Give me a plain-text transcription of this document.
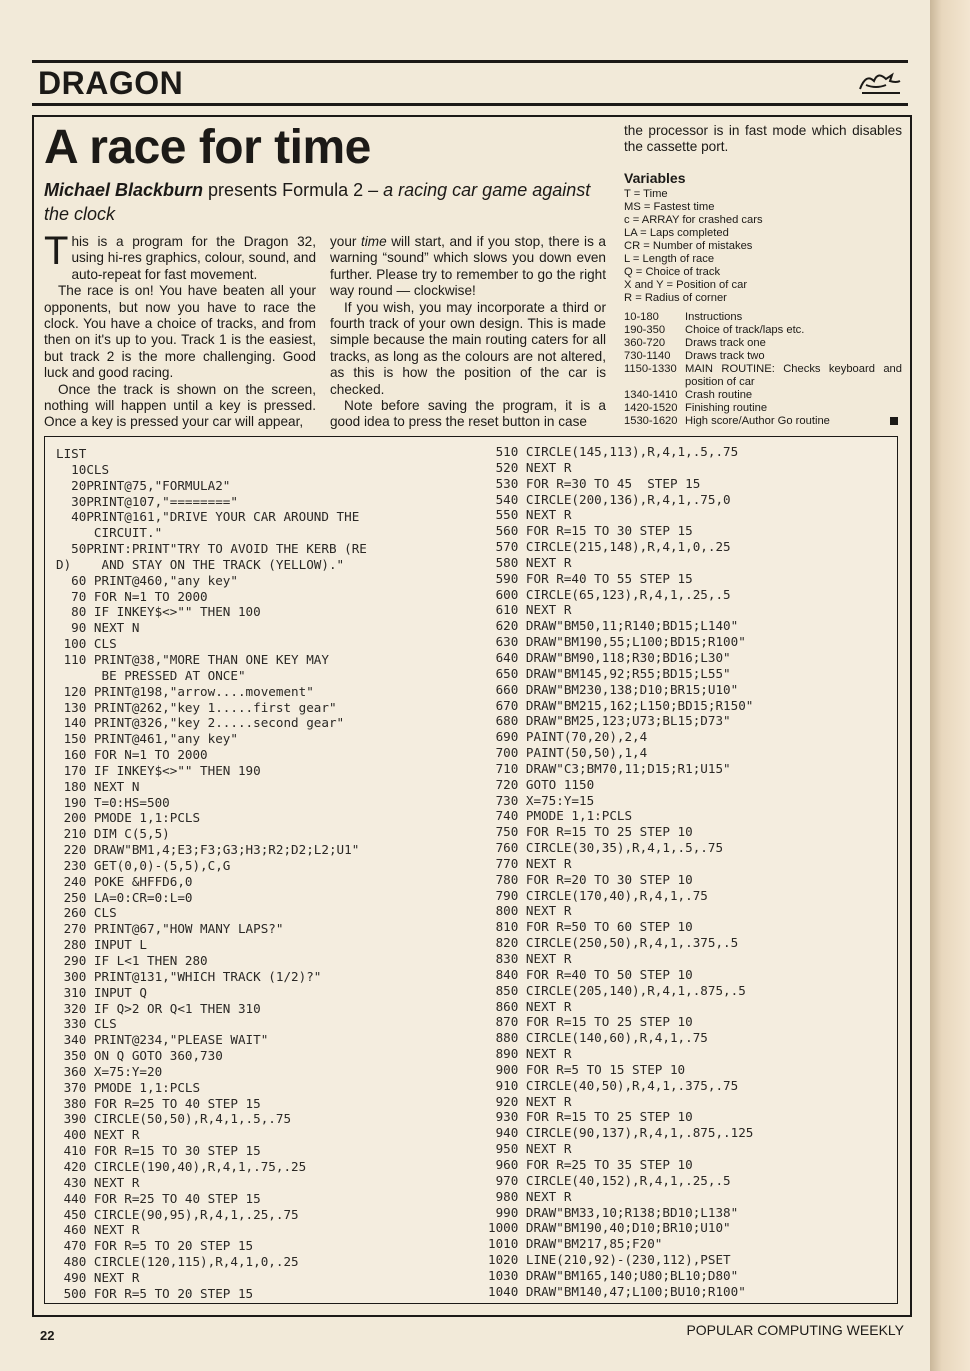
DRAGON
A race for time
Michael Blackburn presents Formula 2 – a racing car game against the clock

This is a program for the Dragon 32, using hi-res graphics, colour, sound, and auto-repeat for fast movement.

The race is on! You have beaten all your opponents, but now you have to race the clock. You have a choice of tracks, and from then on it's up to you. Track 1 is the easiest, but track 2 is the more challenging. Good luck and good racing.

Once the track is shown on the screen, nothing will happen until a key is pressed. Once a key is pressed your car will appear,

your time will start, and if you stop, there is a warning “sound” which slows you down even further. Please try to remember to go the right way round — clockwise!

If you wish, you may incorporate a third or fourth track of your own design. This is made simple because the main routing caters for all tracks, as long as the colours are not altered, as this is how the position of the car is checked.

Note before saving the program, it is a good idea to press the reset button in case

the processor is in fast mode which disables the cassette port.

Variables
T = Time
MS = Fastest time
c = ARRAY for crashed cars
LA = Laps completed
CR = Number of mistakes
L = Length of race
Q = Choice of track
X and Y = Position of car
R = Radius of corner
10-180	Instructions
190-350	Choice of track/laps etc.
360-720	Draws track one
730-1140	Draws track two
1150-1330 MAIN ROUTINE: Checks keyboard and position of car
1340-1410 Crash routine
1420-1520 Finishing routine
1530-1620 High score/Author Go routine
LIST
10CLS
20PRINT@75,"FORMULA2"
30PRINT@107,"========"
40PRINT@161,"DRIVE YOUR CAR AROUND THE
CIRCUIT."
50PRINT:PRINT"TRY TO AVOID THE KERB (RE
D)    AND STAY ON THE TRACK (YELLOW)."
60 PRINT@460,"any key"
70 FOR N=1 TO 2000
80 IF INKEY$<>"" THEN 100
90 NEXT N
100 CLS
110 PRINT@38,"MORE THAN ONE KEY MAY
BE PRESSED AT ONCE"
120 PRINT@198,"arrow....movement"
130 PRINT@262,"key 1.....first gear"
140 PRINT@326,"key 2.....second gear"
150 PRINT@461,"any key"
160 FOR N=1 TO 2000
170 IF INKEY$<>"" THEN 190
180 NEXT N
190 T=0:HS=500
200 PMODE 1,1:PCLS
210 DIM C(5,5)
220 DRAW"BM1,4;E3;F3;G3;H3;R2;D2;L2;U1"
230 GET(0,0)-(5,5),C,G
240 POKE &HFFD6,0
250 LA=0:CR=0:L=0
260 CLS
270 PRINT@67,"HOW MANY LAPS?"
280 INPUT L
290 IF L<1 THEN 280
300 PRINT@131,"WHICH TRACK (1/2)?"
310 INPUT Q
320 IF Q>2 OR Q<1 THEN 310
330 CLS
340 PRINT@234,"PLEASE WAIT"
350 ON Q GOTO 360,730
360 X=75:Y=20
370 PMODE 1,1:PCLS
380 FOR R=25 TO 40 STEP 15
390 CIRCLE(50,50),R,4,1,.5,.75
400 NEXT R
410 FOR R=15 TO 30 STEP 15
420 CIRCLE(190,40),R,4,1,.75,.25
430 NEXT R
440 FOR R=25 TO 40 STEP 15
450 CIRCLE(90,95),R,4,1,.25,.75
460 NEXT R
470 FOR R=5 TO 20 STEP 15
480 CIRCLE(120,115),R,4,1,0,.25
490 NEXT R
500 FOR R=5 TO 20 STEP 15
510 CIRCLE(145,113),R,4,1,.5,.75
520 NEXT R
530 FOR R=30 TO 45  STEP 15
540 CIRCLE(200,136),R,4,1,.75,0
550 NEXT R
560 FOR R=15 TO 30 STEP 15
570 CIRCLE(215,148),R,4,1,0,.25
580 NEXT R
590 FOR R=40 TO 55 STEP 15
600 CIRCLE(65,123),R,4,1,.25,.5
610 NEXT R
620 DRAW"BM50,11;R140;BD15;L140"
630 DRAW"BM190,55;L100;BD15;R100"
640 DRAW"BM90,118;R30;BD16;L30"
650 DRAW"BM145,92;R55;BD15;L55"
660 DRAW"BM230,138;D10;BR15;U10"
670 DRAW"BM215,162;L150;BD15;R150"
680 DRAW"BM25,123;U73;BL15;D73"
690 PAINT(70,20),2,4
700 PAINT(50,50),1,4
710 DRAW"C3;BM70,11;D15;R1;U15"
720 GOTO 1150
730 X=75:Y=15
740 PMODE 1,1:PCLS
750 FOR R=15 TO 25 STEP 10
760 CIRCLE(30,35),R,4,1,.5,.75
770 NEXT R
780 FOR R=20 TO 30 STEP 10
790 CIRCLE(170,40),R,4,1,.75
800 NEXT R
810 FOR R=50 TO 60 STEP 10
820 CIRCLE(250,50),R,4,1,.375,.5
830 NEXT R
840 FOR R=40 TO 50 STEP 10
850 CIRCLE(205,140),R,4,1,.875,.5
860 NEXT R
870 FOR R=15 TO 25 STEP 10
880 CIRCLE(140,60),R,4,1,.75
890 NEXT R
900 FOR R=5 TO 15 STEP 10
910 CIRCLE(40,50),R,4,1,.375,.75
920 NEXT R
930 FOR R=15 TO 25 STEP 10
940 CIRCLE(90,137),R,4,1,.875,.125
950 NEXT R
960 FOR R=25 TO 35 STEP 10
970 CIRCLE(40,152),R,4,1,.25,.5
980 NEXT R
990 DRAW"BM33,10;R138;BD10;L138"
1000 DRAW"BM190,40;D10;BR10;U10"
1010 DRAW"BM217,85;F20"
1020 LINE(210,92)-(230,112),PSET
1030 DRAW"BM165,140;U80;BL10;D80"
1040 DRAW"BM140,47;L100;BU10;R100"
22	POPULAR COMPUTING WEEKLY
